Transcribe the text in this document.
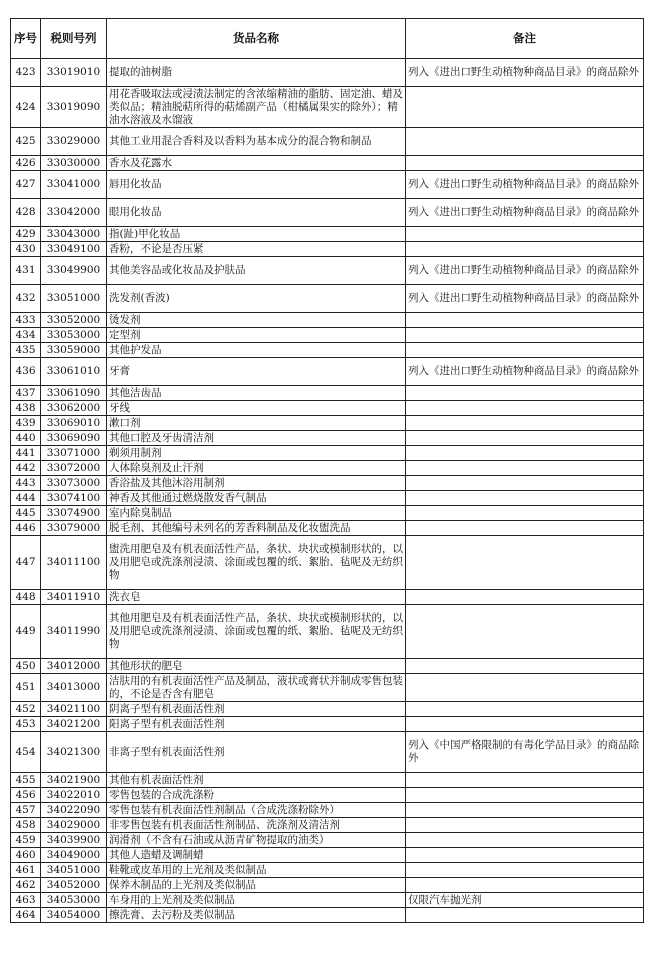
序号	税则号列	货品名称	备注
423	33019010	提取的油树脂	列入《进出口野生动植物种商品目录》的商品除外
424	33019090	用花香吸取法或浸渍法制定的含浓缩精油的脂肪、固定油、蜡及类似品；精油脱萜所得的萜烯副产品（柑橘属果实的除外）；精油水溶液及水馏液	
425	33029000	其他工业用混合香料及以香料为基本成分的混合物和制品	
426	33030000	香水及花露水	
427	33041000	唇用化妆品	列入《进出口野生动植物种商品目录》的商品除外
428	33042000	眼用化妆品	列入《进出口野生动植物种商品目录》的商品除外
429	33043000	指(趾)甲化妆品	
430	33049100	香粉，不论是否压紧	
431	33049900	其他美容品或化妆品及护肤品	列入《进出口野生动植物种商品目录》的商品除外
432	33051000	洗发剂(香波)	列入《进出口野生动植物种商品目录》的商品除外
433	33052000	烫发剂	
434	33053000	定型剂	
435	33059000	其他护发品	
436	33061010	牙膏	列入《进出口野生动植物种商品目录》的商品除外
437	33061090	其他洁齿品	
438	33062000	牙线	
439	33069010	漱口剂	
440	33069090	其他口腔及牙齿清洁剂	
441	33071000	剃须用制剂	
442	33072000	人体除臭剂及止汗剂	
443	33073000	香浴盐及其他沐浴用制剂	
444	33074100	神香及其他通过燃烧散发香气制品	
445	33074900	室内除臭制品	
446	33079000	脱毛剂、其他编号未列名的芳香料制品及化妆盥洗品	
447	34011100	盥洗用肥皂及有机表面活性产品，条状、块状或模制形状的，以及用肥皂或洗涤剂浸渍、涂面或包覆的纸、絮胎、毡呢及无纺织物	
448	34011910	洗衣皂	
449	34011990	其他用肥皂及有机表面活性产品，条状、块状或模制形状的，以及用肥皂或洗涤剂浸渍、涂面或包覆的纸、絮胎、毡呢及无纺织物	
450	34012000	其他形状的肥皂	
451	34013000	洁肤用的有机表面活性产品及制品，液状或膏状并制成零售包装的，不论是否含有肥皂	
452	34021100	阴离子型有机表面活性剂	
453	34021200	阳离子型有机表面活性剂	
454	34021300	非离子型有机表面活性剂	列入《中国严格限制的有毒化学品目录》的商品除外
455	34021900	其他有机表面活性剂	
456	34022010	零售包装的合成洗涤粉	
457	34022090	零售包装有机表面活性剂制品（合成洗涤粉除外）	
458	34029000	非零售包装有机表面活性剂制品、洗涤剂及清洁剂	
459	34039900	润滑剂（不含有石油或从沥青矿物提取的油类）	
460	34049000	其他人造蜡及调制蜡	
461	34051000	鞋靴或皮革用的上光剂及类似制品	
462	34052000	保养木制品的上光剂及类似制品	
463	34053000	车身用的上光剂及类似制品	仅限汽车抛光剂
464	34054000	擦洗膏、去污粉及类似制品	
